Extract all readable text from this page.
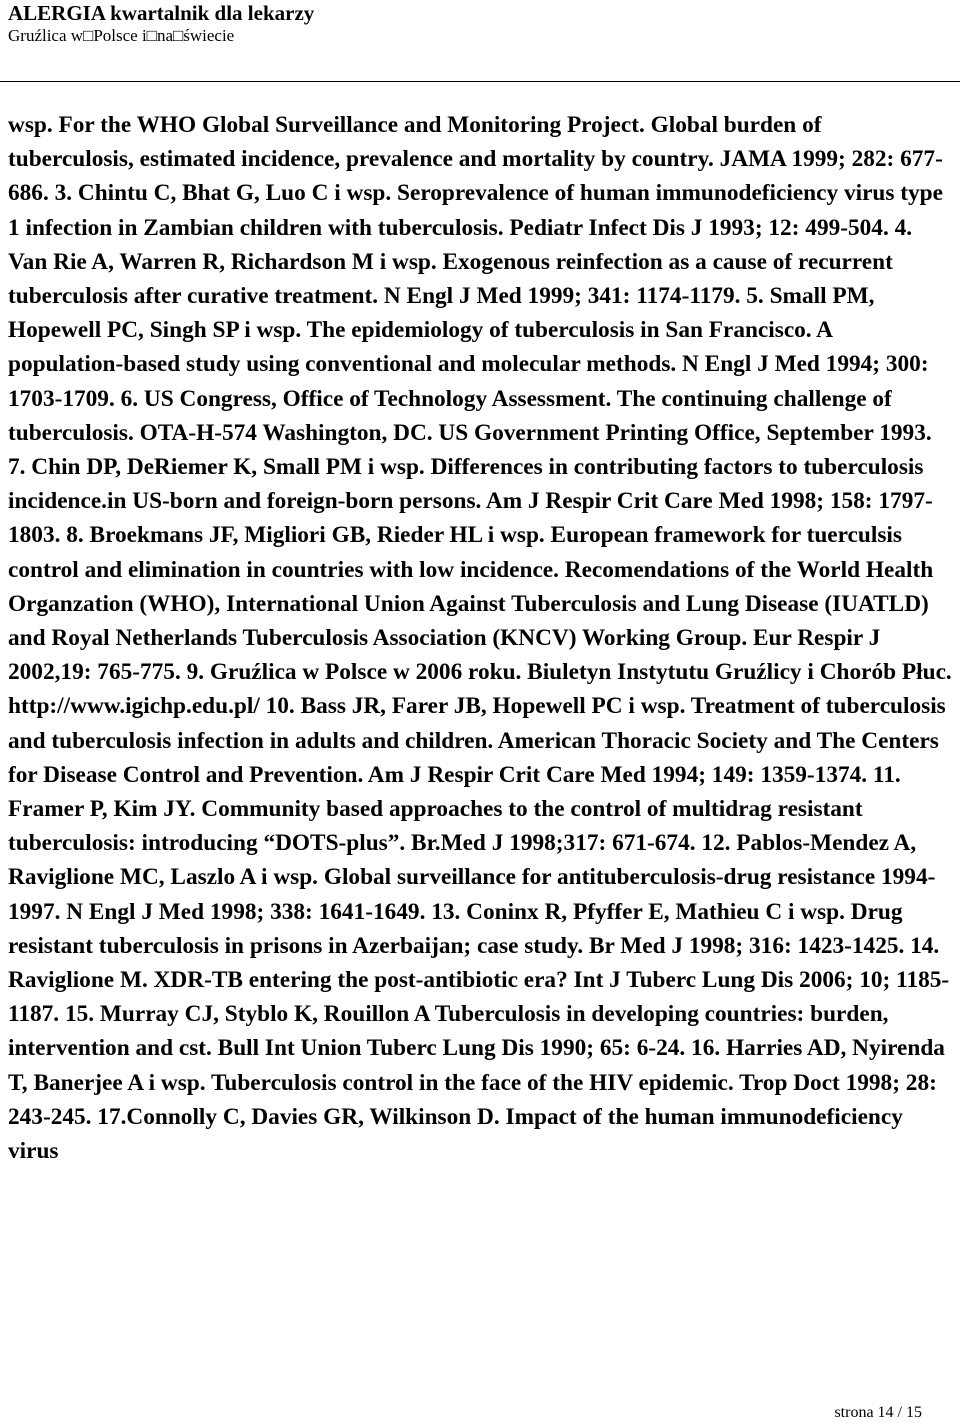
ALERGIA kwartalnik dla lekarzy
Gruźlica w□Polsce i□na□świecie

wsp. For the WHO Global Surveillance and Monitoring Project. Global burden of tuberculosis, estimated incidence, prevalence and mortality by country. JAMA 1999; 282: 677-686. 3. Chintu C, Bhat G, Luo C i wsp. Seroprevalence of human immunodeficiency virus type 1 infection in Zambian children with tuberculosis. Pediatr Infect Dis J 1993; 12: 499-504. 4. Van Rie A, Warren R, Richardson M i wsp. Exogenous reinfection as a cause of recurrent tuberculosis after curative treatment. N Engl J Med 1999; 341: 1174-1179. 5. Small PM, Hopewell PC, Singh SP i wsp. The epidemiology of tuberculosis in San Francisco. A population-based study using conventional and molecular methods. N Engl J Med 1994; 300: 1703-1709. 6. US Congress, Office of Technology Assessment. The continuing challenge of tuberculosis. OTA-H-574 Washington, DC. US Government Printing Office, September 1993. 7. Chin DP, DeRiemer K, Small PM i wsp. Differences in contributing factors to tuberculosis incidence.in US-born and foreign-born persons. Am J Respir Crit Care Med 1998; 158: 1797-1803. 8. Broekmans JF, Migliori GB, Rieder HL i wsp. European framework for tuerculsis control and elimination in countries with low incidence. Recomendations of the World Health Organzation (WHO), International Union Against Tuberculosis and Lung Disease (IUATLD) and Royal Netherlands Tuberculosis Association (KNCV) Working Group. Eur Respir J 2002,19: 765-775. 9. Gruźlica w Polsce w 2006 roku. Biuletyn Instytutu Gruźlicy i Chorób Płuc. http://www.igichp.edu.pl/ 10. Bass JR, Farer JB, Hopewell PC i wsp. Treatment of tuberculosis and tuberculosis infection in adults and children. American Thoracic Society and The Centers for Disease Control and Prevention. Am J Respir Crit Care Med 1994; 149: 1359-1374. 11. Framer P, Kim JY. Community based approaches to the control of multidrag resistant tuberculosis: introducing “DOTS-plus”. Br.Med J 1998;317: 671-674. 12. Pablos-Mendez A, Raviglione MC, Laszlo A i wsp. Global surveillance for antituberculosis-drug resistance 1994-1997. N Engl J Med 1998; 338: 1641-1649. 13. Coninx R, Pfyffer E, Mathieu C i wsp. Drug resistant tuberculosis in prisons in Azerbaijan; case study. Br Med J 1998; 316: 1423-1425. 14. Raviglione M. XDR-TB entering the post-antibiotic era? Int J Tuberc Lung Dis 2006; 10; 1185-1187. 15. Murray CJ, Styblo K, Rouillon A Tuberculosis in developing countries: burden, intervention and cst. Bull Int Union Tuberc Lung Dis 1990; 65: 6-24. 16. Harries AD, Nyirenda T, Banerjee A i wsp. Tuberculosis control in the face of the HIV epidemic. Trop Doct 1998; 28: 243-245. 17.Connolly C, Davies GR, Wilkinson D. Impact of the human immunodeficiency virus

strona 14 / 15
